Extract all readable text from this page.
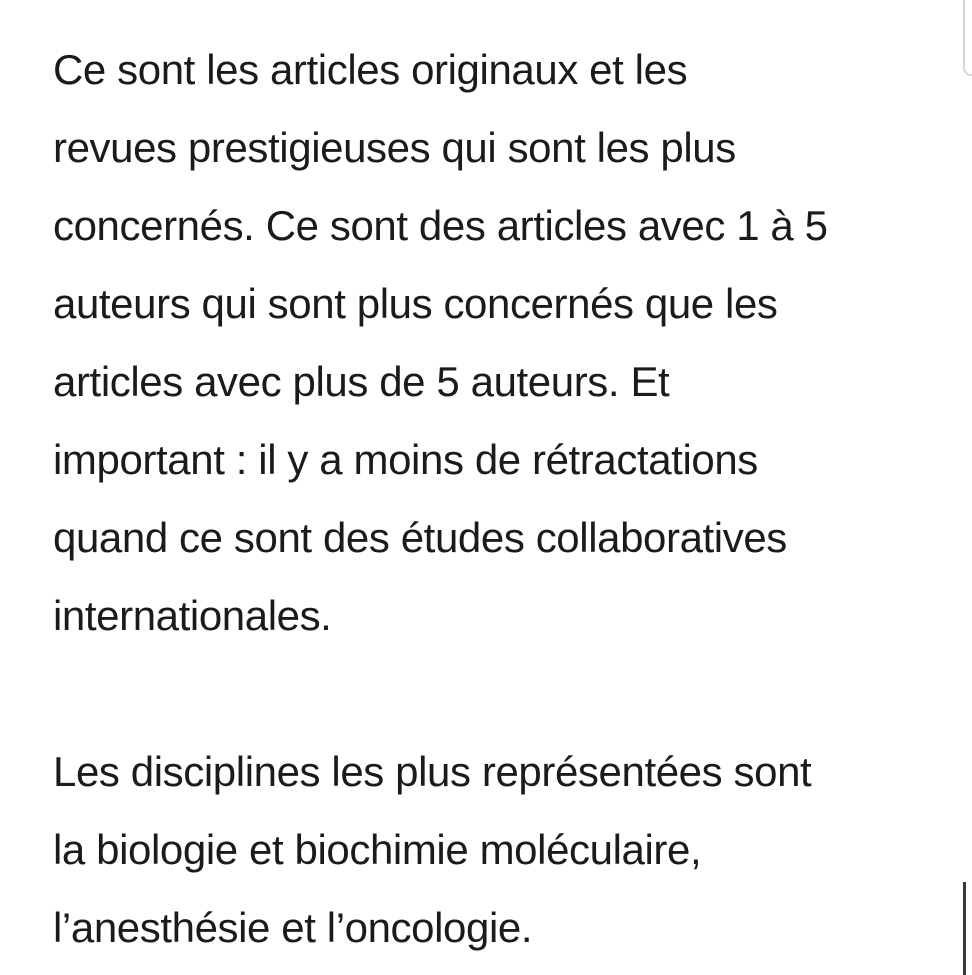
Ce sont les articles originaux et les
revues prestigieuses qui sont les plus
concernés. Ce sont des articles avec 1 à 5
auteurs qui sont plus concernés que les
articles avec plus de 5 auteurs. Et
important : il y a moins de rétractations
quand ce sont des études collaboratives
internationales.

Les disciplines les plus représentées sont
la biologie et biochimie moléculaire,
l’anesthésie et l’oncologie.
